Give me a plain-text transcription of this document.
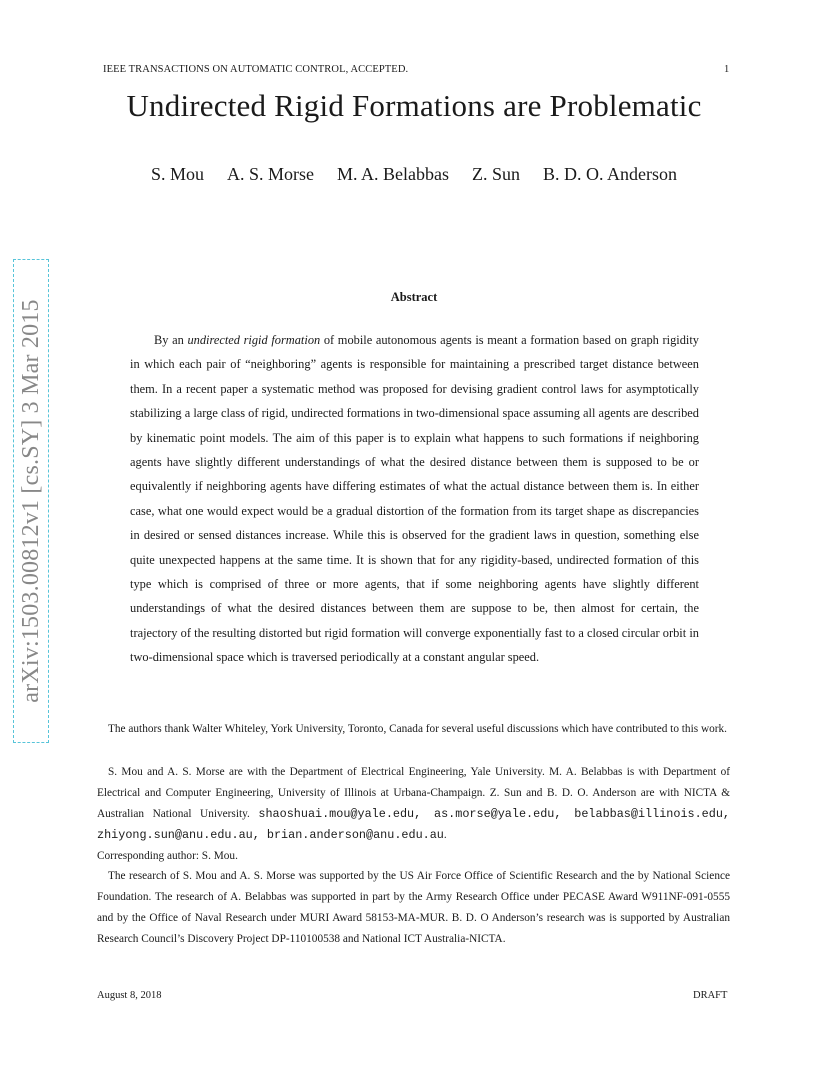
IEEE TRANSACTIONS ON AUTOMATIC CONTROL, ACCEPTED.	1
Undirected Rigid Formations are Problematic
S. Mou A. S. Morse M. A. Belabbas Z. Sun B. D. O. Anderson
arXiv:1503.00812v1 [cs.SY] 3 Mar 2015
Abstract

By an undirected rigid formation of mobile autonomous agents is meant a formation based on graph rigidity in which each pair of “neighboring” agents is responsible for maintaining a prescribed target distance between them. In a recent paper a systematic method was proposed for devising gradient control laws for asymptotically stabilizing a large class of rigid, undirected formations in two-dimensional space assuming all agents are described by kinematic point models. The aim of this paper is to explain what happens to such formations if neighboring agents have slightly different understandings of what the desired distance between them is supposed to be or equivalently if neighboring agents have differing estimates of what the actual distance between them is. In either case, what one would expect would be a gradual distortion of the formation from its target shape as discrepancies in desired or sensed distances increase. While this is observed for the gradient laws in question, something else quite unexpected happens at the same time. It is shown that for any rigidity-based, undirected formation of this type which is comprised of three or more agents, that if some neighboring agents have slightly different understandings of what the desired distances between them are suppose to be, then almost for certain, the trajectory of the resulting distorted but rigid formation will converge exponentially fast to a closed circular orbit in two-dimensional space which is traversed periodically at a constant angular speed.

The authors thank Walter Whiteley, York University, Toronto, Canada for several useful discussions which have contributed to this work.

S. Mou and A. S. Morse are with the Department of Electrical Engineering, Yale University. M. A. Belabbas is with Department of Electrical and Computer Engineering, University of Illinois at Urbana-Champaign. Z. Sun and B. D. O. Anderson are with NICTA & Australian National University. shaoshuai.mou@yale.edu, as.morse@yale.edu, belabbas@illinois.edu, zhiyong.sun@anu.edu.au, brian.anderson@anu.edu.au.
Corresponding author: S. Mou.

The research of S. Mou and A. S. Morse was supported by the US Air Force Office of Scientific Research and the by National Science Foundation. The research of A. Belabbas was supported in part by the Army Research Office under PECASE Award W911NF-091-0555 and by the Office of Naval Research under MURI Award 58153-MA-MUR. B. D. O Anderson’s research was is supported by Australian Research Council’s Discovery Project DP-110100538 and National ICT Australia-NICTA.

August 8, 2018	DRAFT
